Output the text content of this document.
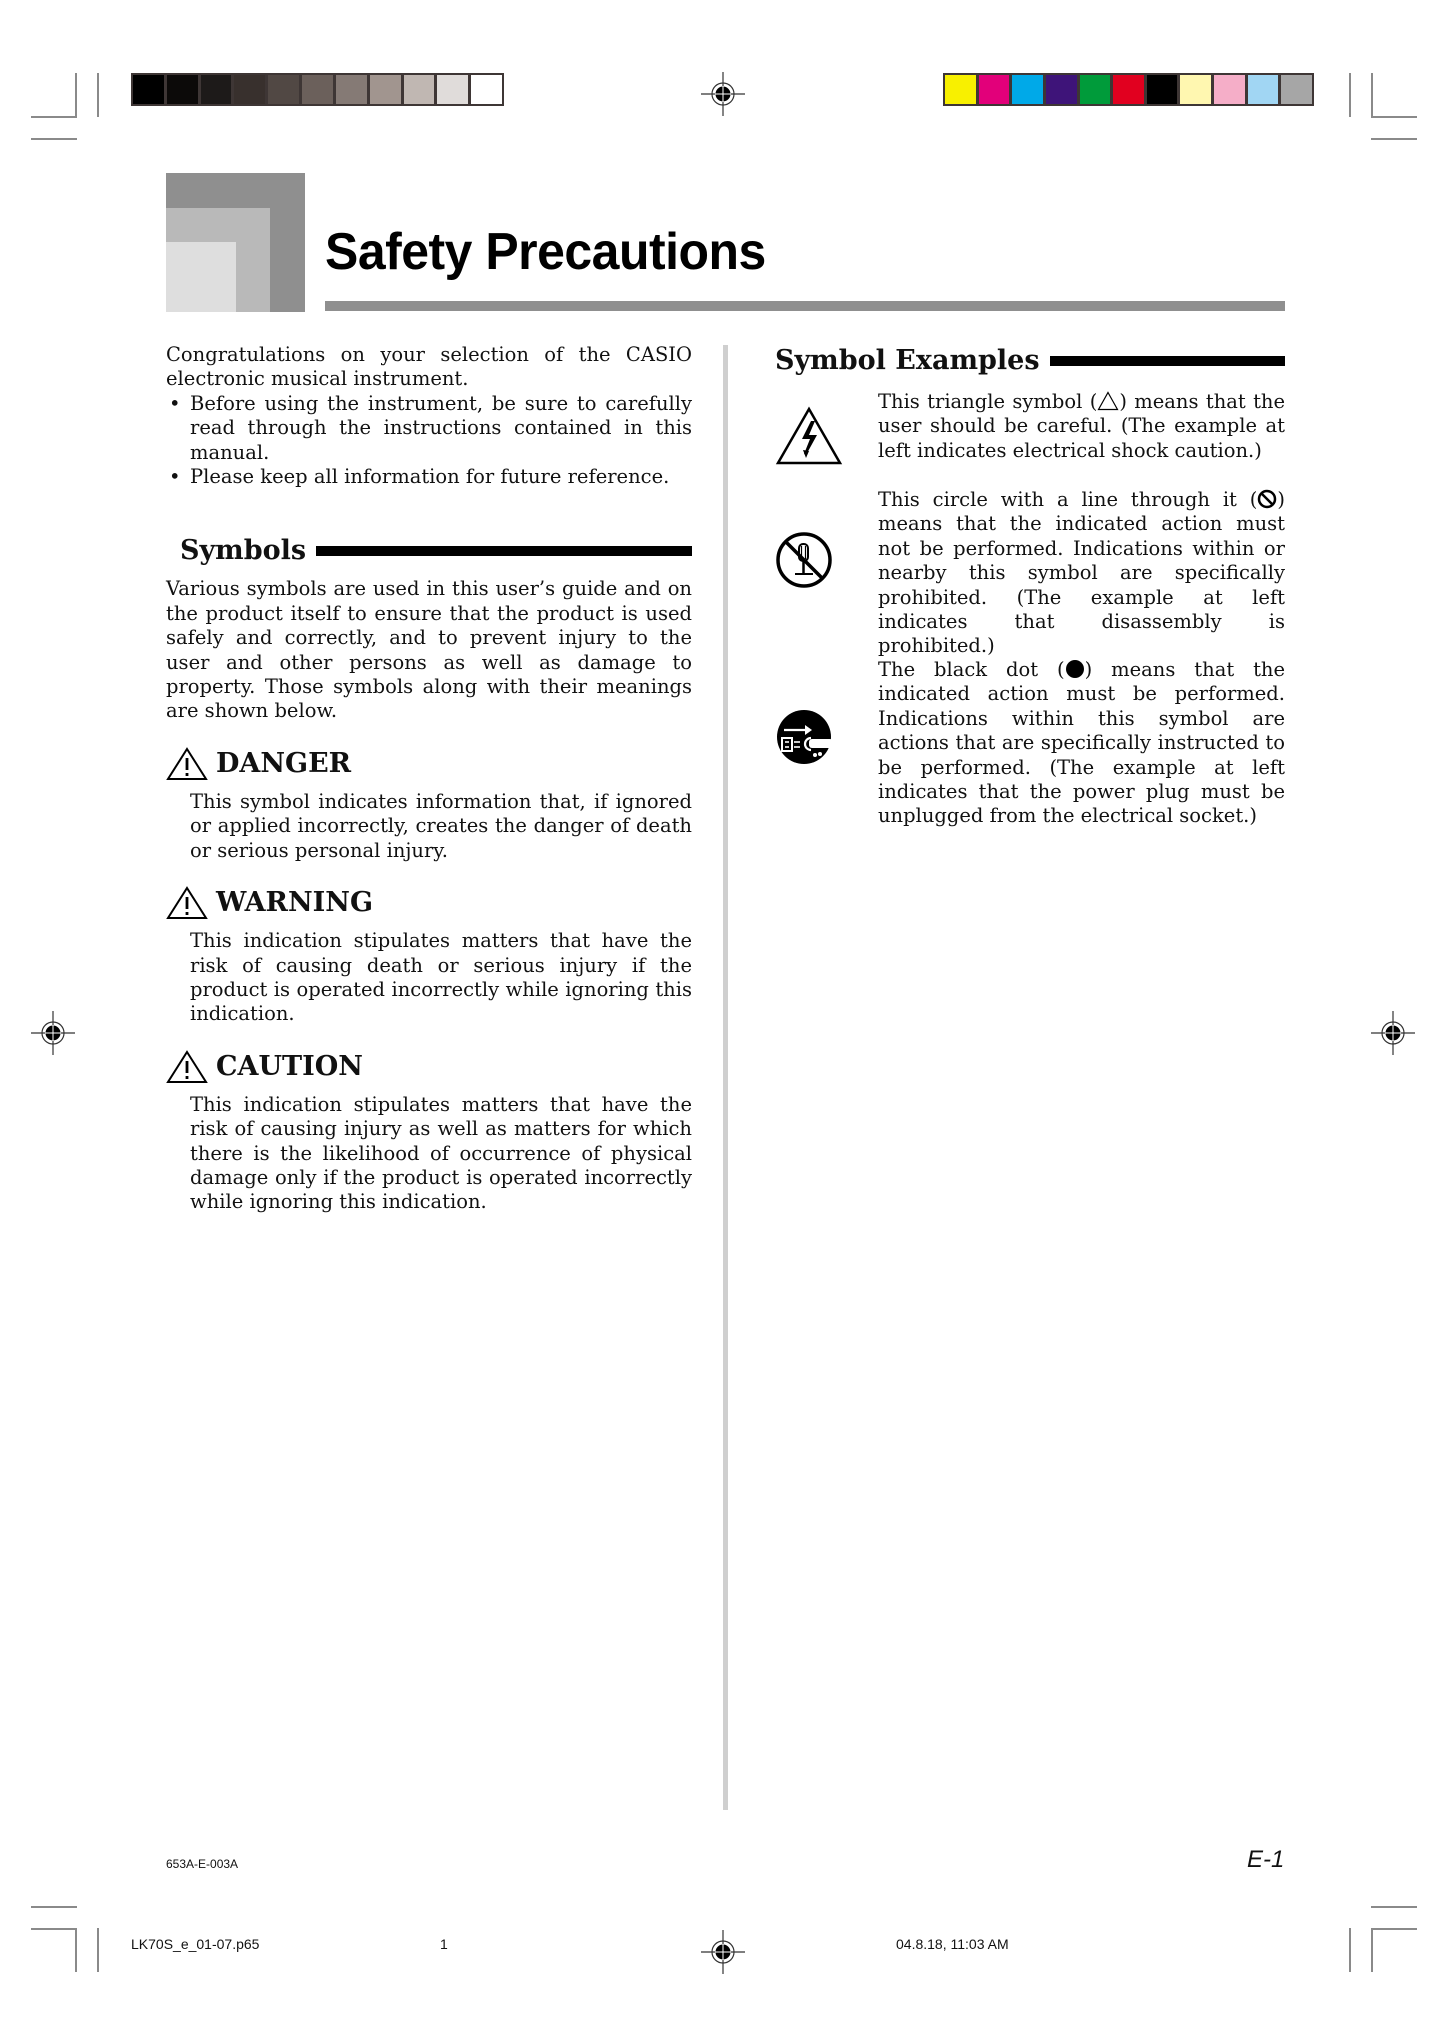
Safety Precautions

Congratulations on your selection of the CASIO electronic musical instrument.

• Before using the instrument, be sure to carefully read through the instructions contained in this manual.
• Please keep all information for future reference.
Symbols

Various symbols are used in this user’s guide and on the product itself to ensure that the product is used safely and correctly, and to prevent injury to the user and other persons as well as damage to property. Those symbols along with their meanings are shown below.

DANGER

This symbol indicates information that, if ignored or applied incorrectly, creates the danger of death or serious personal injury.

WARNING

This indication stipulates matters that have the risk of causing death or serious injury if the product is operated incorrectly while ignoring this indication.

CAUTION

This indication stipulates matters that have the risk of causing injury as well as matters for which there is the likelihood of occurrence of physical damage only if the product is operated incorrectly while ignoring this indication.

Symbol Examples

This triangle symbol ( ) means that the user should be careful. (The example at left indicates electrical shock caution.)

This circle with a line through it ( ) means that the indicated action must not be performed. Indications within or nearby this symbol are specifically prohibited. (The example at left indicates that disassembly is prohibited.)

The black dot ( ) means that the indicated action must be performed. Indications within this symbol are actions that are specifically instructed to be performed. (The example at left indicates that the power plug must be unplugged from the electrical socket.)

653A-E-003A	E-1
LK70S_e_01-07.p65	1	04.8.18, 11:03 AM
